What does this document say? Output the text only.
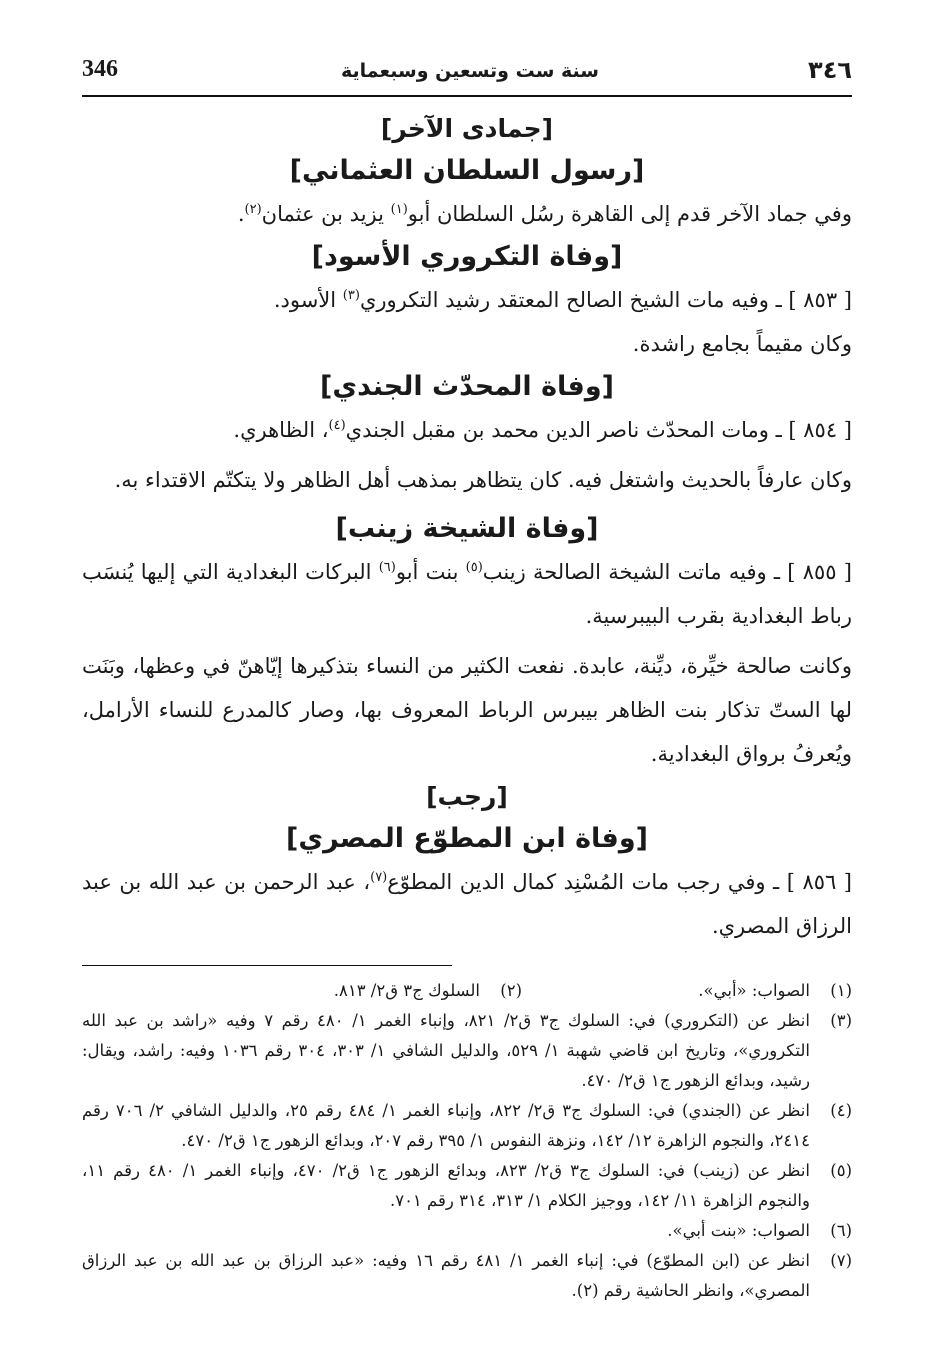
٣٤٦
سنة ست وتسعين وسبعماية
346
[جمادى الآخر]
[رسول السلطان العثماني]
وفي جماد الآخر قدم إلى القاهرة رسُل السلطان أبو$^{(١)}$ يزيد بن عثمان$^{(٢)}$.
[وفاة التكروري الأسود]
[ ٨٥٣ ] ـ وفيه مات الشيخ الصالح المعتقد رشيد التكروري$^{(٣)}$ الأسود.
وكان مقيماً بجامع راشدة.
[وفاة المحدّث الجندي]
[ ٨٥٤ ] ـ ومات المحدّث ناصر الدين محمد بن مقبل الجندي$^{(٤)}$، الظاهري.
وكان عارفاً بالحديث واشتغل فيه. كان يتظاهر بمذهب أهل الظاهر ولا يتكتّم الاقتداء به.
[وفاة الشيخة زينب]
[ ٨٥٥ ] ـ وفيه ماتت الشيخة الصالحة زينب$^{(٥)}$ بنت أبو$^{(٦)}$ البركات البغدادية التي إليها يُنسَب رباط البغدادية بقرب البيبرسية.
وكانت صالحة خيِّرة، ديِّنة، عابدة. نفعت الكثير من النساء بتذكيرها إيّاهنّ في وعظها، وبَنَت لها الستّ تذكار بنت الظاهر بيبرس الرباط المعروف بها، وصار كالمدرع للنساء الأرامل، ويُعرفُ برواق البغدادية.
[رجب]
[وفاة ابن المطوّع المصري]
[ ٨٥٦ ] ـ وفي رجب مات المُسْنِد كمال الدين المطوّع$^{(٧)}$، عبد الرحمن بن عبد الله بن عبد الرزاق المصري.
(١)
الصواب: «أبي».
(٢)
السلوك ج٣ ق٢/ ٨١٣.
(٣)
انظر عن (التكروري) في: السلوك ج٣ ق٢/ ٨٢١، وإنباء الغمر ١/ ٤٨٠ رقم ٧ وفيه «راشد بن عبد الله التكروري»، وتاريخ ابن قاضي شهبة ١/ ٥٢٩، والدليل الشافي ١/ ٣٠٣، ٣٠٤ رقم ١٠٣٦ وفيه: راشد، ويقال: رشيد، وبدائع الزهور ج١ ق٢/ ٤٧٠.
(٤)
انظر عن (الجندي) في: السلوك ج٣ ق٢/ ٨٢٢، وإنباء الغمر ١/ ٤٨٤ رقم ٢٥، والدليل الشافي ٢/ ٧٠٦ رقم ٢٤١٤، والنجوم الزاهرة ١٢/ ١٤٢، ونزهة النفوس ١/ ٣٩٥ رقم ٢٠٧، وبدائع الزهور ج١ ق٢/ ٤٧٠.
(٥)
انظر عن (زينب) في: السلوك ج٣ ق٢/ ٨٢٣، وبدائع الزهور ج١ ق٢/ ٤٧٠، وإنباء الغمر ١/ ٤٨٠ رقم ١١، والنجوم الزاهرة ١١/ ١٤٢، ووجيز الكلام ١/ ٣١٣، ٣١٤ رقم ٧٠١.
(٦)
الصواب: «بنت أبي».
(٧)
انظر عن (ابن المطوّع) في: إنباء الغمر ١/ ٤٨١ رقم ١٦ وفيه: «عبد الرزاق بن عبد الله بن عبد الرزاق المصري»، وانظر الحاشية رقم (٢).
